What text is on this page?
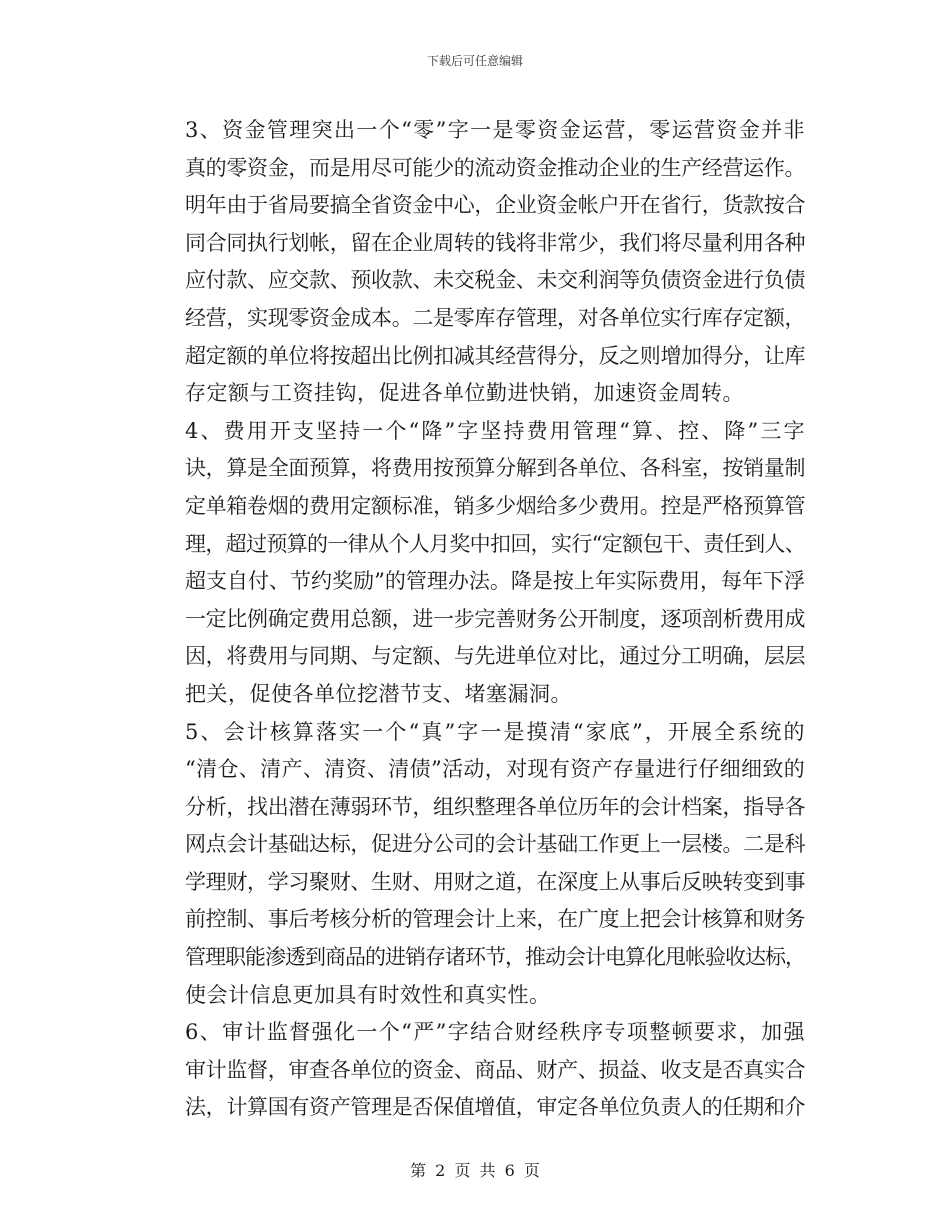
下载后可任意编辑

3、资金管理突出一个“零”字一是零资金运营，零运营资金并非
真的零资金，而是用尽可能少的流动资金推动企业的生产经营运作。
明年由于省局要搞全省资金中心，企业资金帐户开在省行，货款按合
同合同执行划帐，留在企业周转的钱将非常少，我们将尽量利用各种
应付款、应交款、预收款、未交税金、未交利润等负债资金进行负债
经营，实现零资金成本。二是零库存管理，对各单位实行库存定额，
超定额的单位将按超出比例扣减其经营得分，反之则增加得分，让库
存定额与工资挂钩，促进各单位勤进快销，加速资金周转。

4、费用开支坚持一个“降”字坚持费用管理“算、控、降”三字
诀，算是全面预算，将费用按预算分解到各单位、各科室，按销量制
定单箱卷烟的费用定额标准，销多少烟给多少费用。控是严格预算管
理，超过预算的一律从个人月奖中扣回，实行“定额包干、责任到人、
超支自付、节约奖励”的管理办法。降是按上年实际费用，每年下浮
一定比例确定费用总额，进一步完善财务公开制度，逐项剖析费用成
因，将费用与同期、与定额、与先进单位对比，通过分工明确，层层
把关，促使各单位挖潜节支、堵塞漏洞。

5、会计核算落实一个“真”字一是摸清“家底”，开展全系统的
“清仓、清产、清资、清债”活动，对现有资产存量进行仔细细致的
分析，找出潜在薄弱环节，组织整理各单位历年的会计档案，指导各
网点会计基础达标，促进分公司的会计基础工作更上一层楼。二是科
学理财，学习聚财、生财、用财之道，在深度上从事后反映转变到事
前控制、事后考核分析的管理会计上来，在广度上把会计核算和财务
管理职能渗透到商品的进销存诸环节，推动会计电算化甩帐验收达标，
使会计信息更加具有时效性和真实性。

6、审计监督强化一个“严”字结合财经秩序专项整顿要求，加强
审计监督，审查各单位的资金、商品、财产、损益、收支是否真实合
法，计算国有资产管理是否保值增值，审定各单位负责人的任期和介

第 2 页 共 6 页
